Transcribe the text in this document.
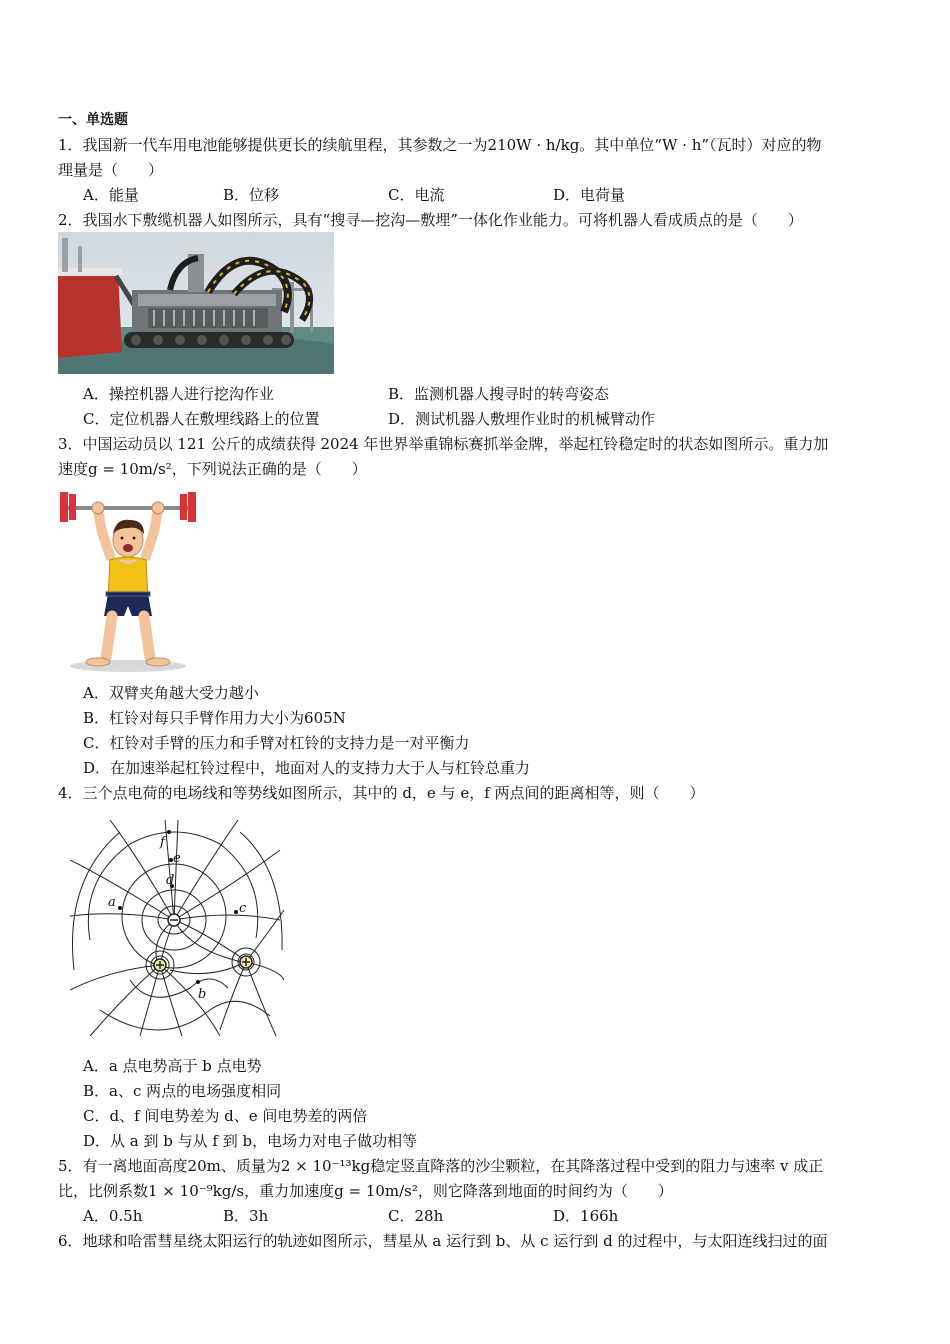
一、单选题
1．我国新一代车用电池能够提供更长的续航里程，其参数之一为210W · h/kg。其中单位“W · h”（瓦时）对应的物
理量是（　　）
A．能量	B．位移	C．电流	D．电荷量
2．我国水下敷缆机器人如图所示，具有“搜寻—挖沟—敷埋”一体化作业能力。可将机器人看成质点的是（　　）
A．操控机器人进行挖沟作业	B．监测机器人搜寻时的转弯姿态
C．定位机器人在敷埋线路上的位置	D．测试机器人敷埋作业时的机械臂动作
3．中国运动员以 121 公斤的成绩获得 2024 年世界举重锦标赛抓举金牌，举起杠铃稳定时的状态如图所示。重力加
速度g = 10m/s²，下列说法正确的是（　　）
A．双臂夹角越大受力越小
B．杠铃对每只手臂作用力大小为605N
C．杠铃对手臂的压力和手臂对杠铃的支持力是一对平衡力
D．在加速举起杠铃过程中，地面对人的支持力大于人与杠铃总重力
4．三个点电荷的电场线和等势线如图所示，其中的 d，e 与 e，f 两点间的距离相等，则（　　）
f
e
d
a	c
b
A．a 点电势高于 b 点电势
B．a、c 两点的电场强度相同
C．d、f 间电势差为 d、e 间电势差的两倍
D．从 a 到 b 与从 f 到 b，电场力对电子做功相等
5．有一离地面高度20m、质量为2 × 10⁻¹³kg稳定竖直降落的沙尘颗粒，在其降落过程中受到的阻力与速率 v 成正
比，比例系数1 × 10⁻⁹kg/s，重力加速度g = 10m/s²，则它降落到地面的时间约为（　　）
A．0.5h	B．3h	C．28h	D．166h
6．地球和哈雷彗星绕太阳运行的轨迹如图所示，彗星从 a 运行到 b、从 c 运行到 d 的过程中，与太阳连线扫过的面
